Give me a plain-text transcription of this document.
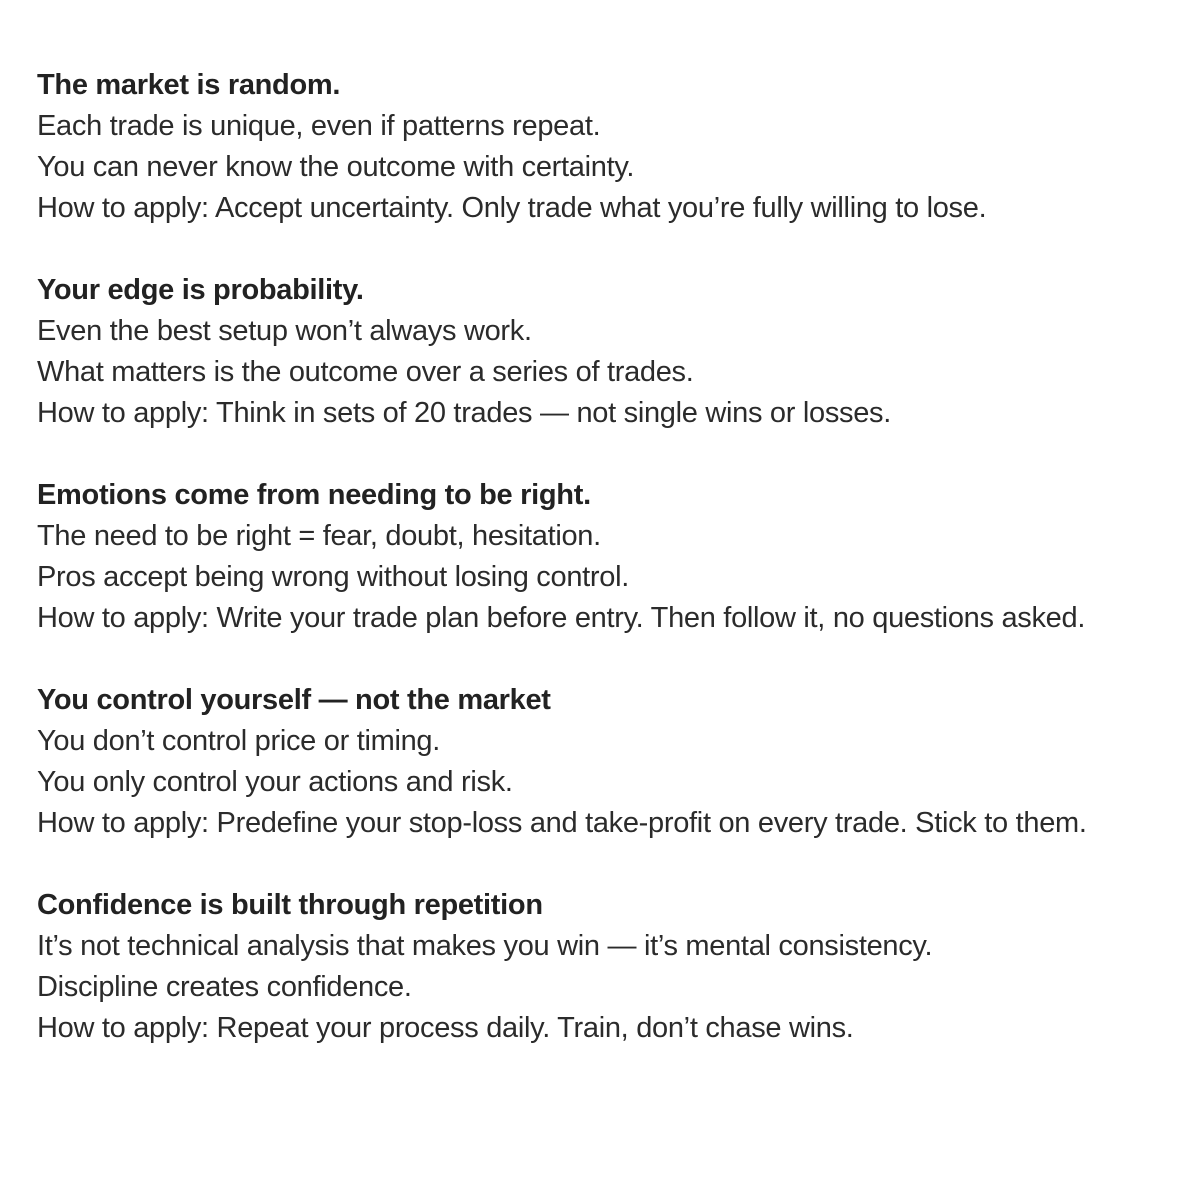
The market is random.
Each trade is unique, even if patterns repeat.
You can never know the outcome with certainty.
How to apply: Accept uncertainty. Only trade what you’re fully willing to lose.
Your edge is probability.
Even the best setup won’t always work.
What matters is the outcome over a series of trades.
How to apply: Think in sets of 20 trades — not single wins or losses.
Emotions come from needing to be right.
The need to be right = fear, doubt, hesitation.
Pros accept being wrong without losing control.
How to apply: Write your trade plan before entry. Then follow it, no questions asked.
You control yourself — not the market
You don’t control price or timing.
You only control your actions and risk.
How to apply: Predefine your stop-loss and take-profit on every trade. Stick to them.
Confidence is built through repetition
It’s not technical analysis that makes you win — it’s mental consistency.
Discipline creates confidence.
How to apply: Repeat your process daily. Train, don’t chase wins.
